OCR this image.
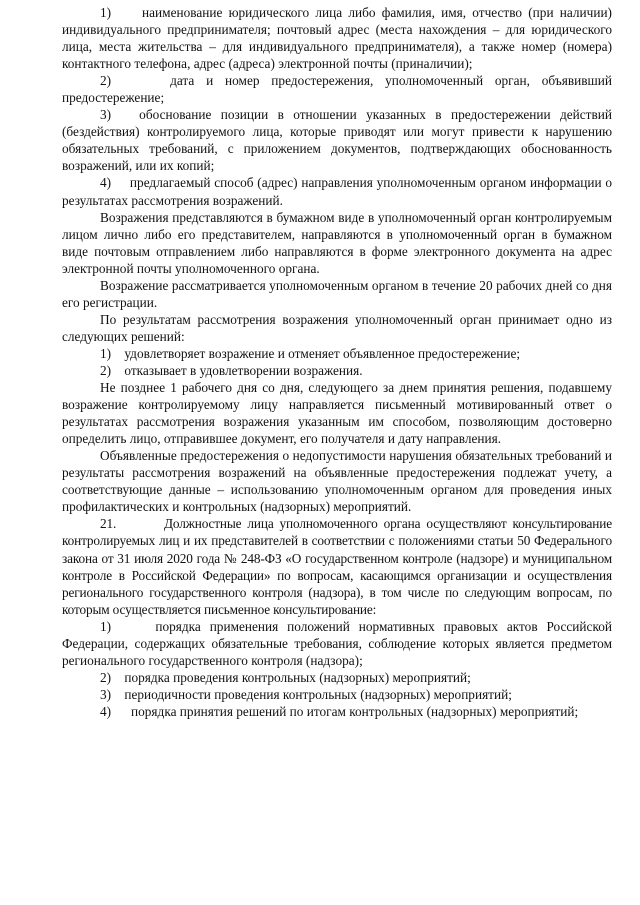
1)     наименование юридического лица либо фамилия, имя, отчество (при наличии) индивидуального предпринимателя; почтовый адрес (места нахождения – для юридического лица, места жительства – для индивидуального предпринимателя), а также номер (номера) контактного телефона, адрес (адреса) электронной почты (приналичии);

2)     дата и номер предостережения, уполномоченный орган, объявивший предостережение;

3)   обоснование позиции в отношении указанных в предостережении действий (бездействия) контролируемого лица, которые приводят или могут привести к нарушению обязательных требований, с приложением документов, подтверждающих обоснованность возражений, или их копий;

4)     предлагаемый способ (адрес) направления уполномоченным органом информации о результатах рассмотрения возражений.

Возражения представляются в бумажном виде в уполномоченный орган контролируемым лицом лично либо его представителем, направляются в уполномоченный орган в бумажном виде почтовым отправлением либо направляются в форме электронного документа на адрес электронной почты уполномоченного органа.

Возражение рассматривается уполномоченным органом в течение 20 рабочих дней со дня его регистрации.

По результатам рассмотрения возражения уполномоченный орган принимает одно из следующих решений:

1)    удовлетворяет возражение и отменяет объявленное предостережение;

2)    отказывает в удовлетворении возражения.

Не позднее 1 рабочего дня со дня, следующего за днем принятия решения, подавшему возражение контролируемому лицу направляется письменный мотивированный ответ о результатах рассмотрения возражения указанным им способом, позволяющим достоверно определить лицо, отправившее документ, его получателя и дату направления.

Объявленные предостережения о недопустимости нарушения обязательных требований и результаты рассмотрения возражений на объявленные предостережения подлежат учету, а соответствующие данные – использованию уполномоченным органом для проведения иных профилактических и контрольных (надзорных) мероприятий.

21.        Должностные лица уполномоченного органа осуществляют консультирование контролируемых лиц и их представителей в соответствии с положениями статьи 50 Федерального закона от 31 июля 2020 года № 248-ФЗ «О государственном контроле (надзоре) и муниципальном контроле в Российской Федерации» по вопросам, касающимся организации и осуществления регионального государственного контроля (надзора), в том числе по следующим вопросам, по которым осуществляется письменное консультирование:

1)     порядка применения положений нормативных правовых актов Российской Федерации, содержащих обязательные требования, соблюдение которых является предметом регионального государственного контроля (надзора);

2)    порядка проведения контрольных (надзорных) мероприятий;

3)    периодичности проведения контрольных (надзорных) мероприятий;

4)      порядка принятия решений по итогам контрольных (надзорных) мероприятий;
